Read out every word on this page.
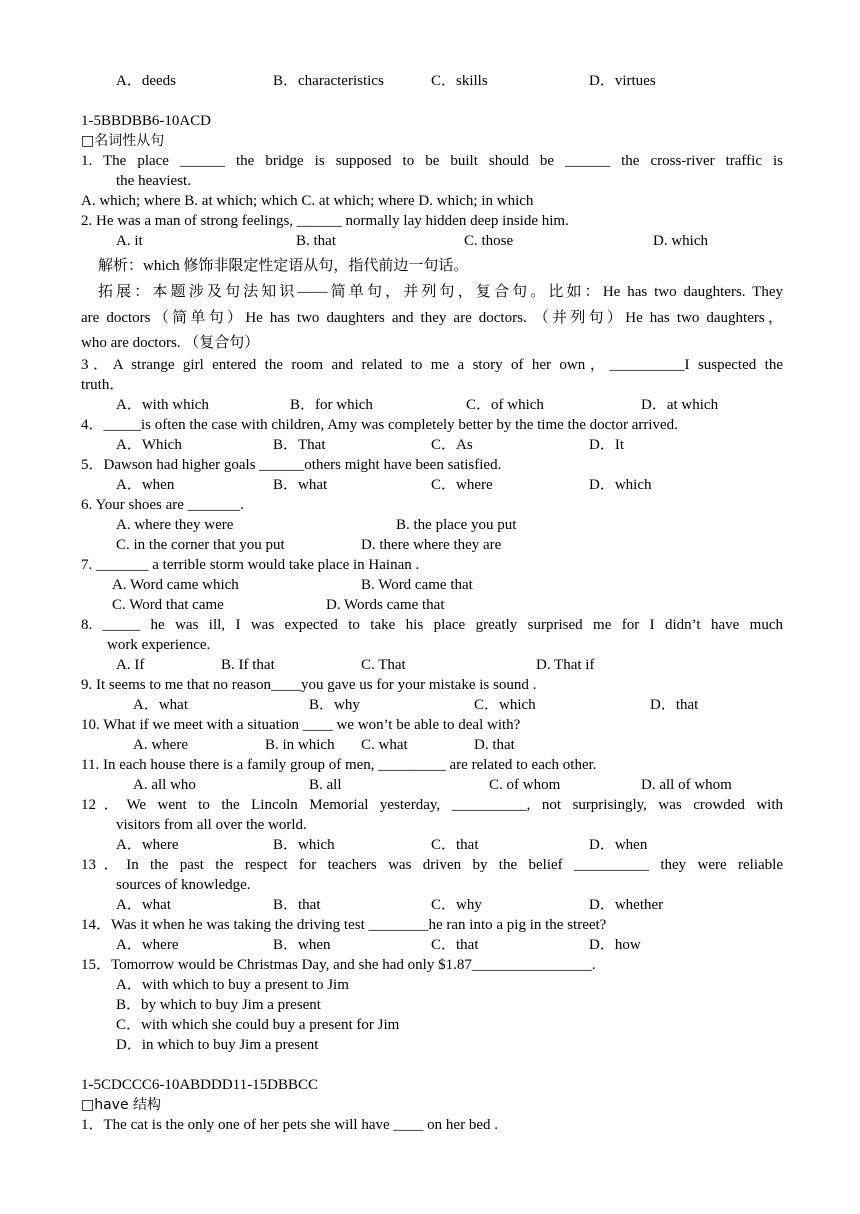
A．deeds	B．characteristics	C．skills	D．virtues
1-5BBDBB6-10ACD
□名词性从句
1. The place ______ the bridge is supposed to be built should be ______ the cross-river traffic is
the heaviest.
A. which; where B. at which; which C. at which; where D. which; in which
2. He was a man of strong feelings, ______ normally lay hidden deep inside him.
A. it	B. that	C. those	D. which
解析：which 修饰非限定性定语从句，指代前边一句话。
拓展：本题涉及句法知识——简单句，并列句，复合句。比如：He has two daughters. They
are doctors（简单句）He has two daughters and they are doctors. （并列句）He has two daughters，
who are doctors. （复合句）
3．A strange girl entered the room and related to me a story of her own，__________I suspected the
truth．
A．with which	B．for which	C．of which	D．at which
4．_____is often the case with children, Amy was completely better by the time the doctor arrived.
A．Which	B．That	C．As	D．It
5．Dawson had higher goals ______others might have been satisfied.
A．when	B．what	C．where	D．which
6. Your shoes are _______.
A. where they were	B. the place you put
C. in the corner that you put	D. there where they are
7. _______ a terrible storm would take place in Hainan .
A. Word came which	B. Word came that
C. Word that came	D. Words came that
8. _____ he was ill, I was expected to take his place greatly surprised me for I didn’t have much
work experience.
A. If	B. If that	C. That	D. That if
9. It seems to me that no reason____you gave us for your mistake is sound .
A．what	B．why	C．which	D．that
10. What if we meet with a situation ____ we won’t be able to deal with?
A. where	B. in which C. what	D. that
11. In each house there is a family group of men, _________ are related to each other.
A. all who	B. all	C. of whom	D. all of whom
12．We went to the Lincoln Memorial yesterday, __________, not surprisingly, was crowded with
visitors from all over the world.
A．where	B．which	C．that	D．when
13．In the past the respect for teachers was driven by the belief __________ they were reliable
sources of knowledge.
A．what	B．that	C．why	D．whether
14．Was it when he was taking the driving test ________he ran into a pig in the street?
A．where	B．when	C．that	D．how
15．Tomorrow would be Christmas Day, and she had only $1.87________________.
A．with which to buy a present to Jim
B．by which to buy Jim a present
C．with which she could buy a present for Jim
D．in which to buy Jim a present
1-5CDCCC6-10ABDDD11-15DBBCC
□have 结构
1．The cat is the only one of her pets she will have ____ on her bed .
